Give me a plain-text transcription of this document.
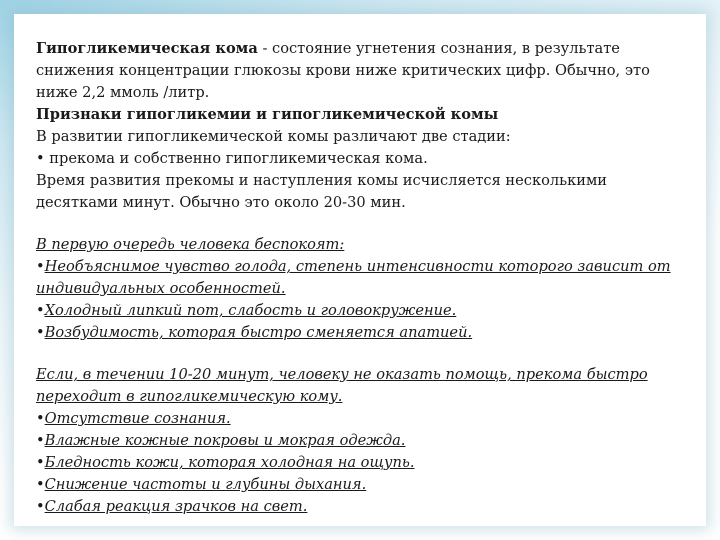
Гипогликемическая кома - состояние угнетения сознания, в результате снижения концентрации глюкозы крови ниже критических цифр. Обычно, это ниже 2,2 ммоль /литр.

Признаки гипогликемии и гипогликемической комы

В развитии гипогликемической комы различают две стадии:

• прекома и собственно гипогликемическая кома.

Время развития прекомы и наступления комы исчисляется несколькими десятками минут. Обычно это около 20-30 мин.

В первую очередь человека беспокоят:

•Необъяснимое чувство голода, степень интенсивности которого зависит от индивидуальных особенностей.

•Холодный липкий пот, слабость и головокружение.

•Возбудимость, которая быстро сменяется апатией.

Если, в течении 10-20 минут, человеку не оказать помощь, прекома быстро переходит в гипогликемическую кому.

•Отсутствие сознания.

•Влажные кожные покровы и мокрая одежда.

•Бледность кожи, которая холодная на ощупь.

•Снижение частоты и глубины дыхания.

•Слабая реакция зрачков на свет.
